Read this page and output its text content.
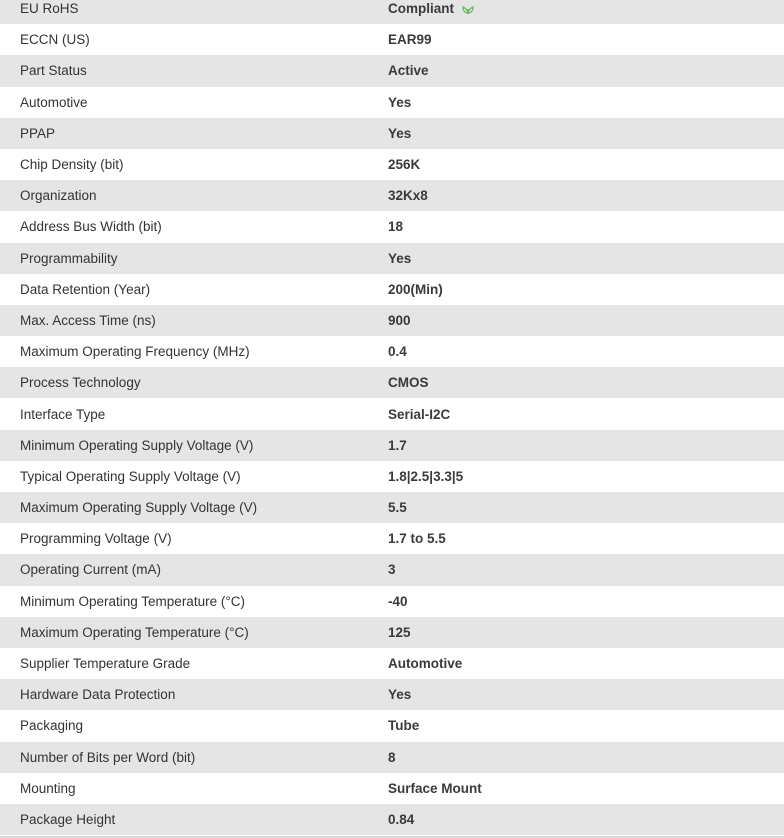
EU RoHS	Compliant
ECCN (US)	EAR99
Part Status	Active
Automotive	Yes
PPAP	Yes
Chip Density (bit)	256K
Organization	32Kx8
Address Bus Width (bit)	18
Programmability	Yes
Data Retention (Year)	200(Min)
Max. Access Time (ns)	900
Maximum Operating Frequency (MHz)	0.4
Process Technology	CMOS
Interface Type	Serial-I2C
Minimum Operating Supply Voltage (V)	1.7
Typical Operating Supply Voltage (V)	1.8|2.5|3.3|5
Maximum Operating Supply Voltage (V)	5.5
Programming Voltage (V)	1.7 to 5.5
Operating Current (mA)	3
Minimum Operating Temperature (°C)	-40
Maximum Operating Temperature (°C)	125
Supplier Temperature Grade	Automotive
Hardware Data Protection	Yes
Packaging	Tube
Number of Bits per Word (bit)	8
Mounting	Surface Mount
Package Height	0.84
